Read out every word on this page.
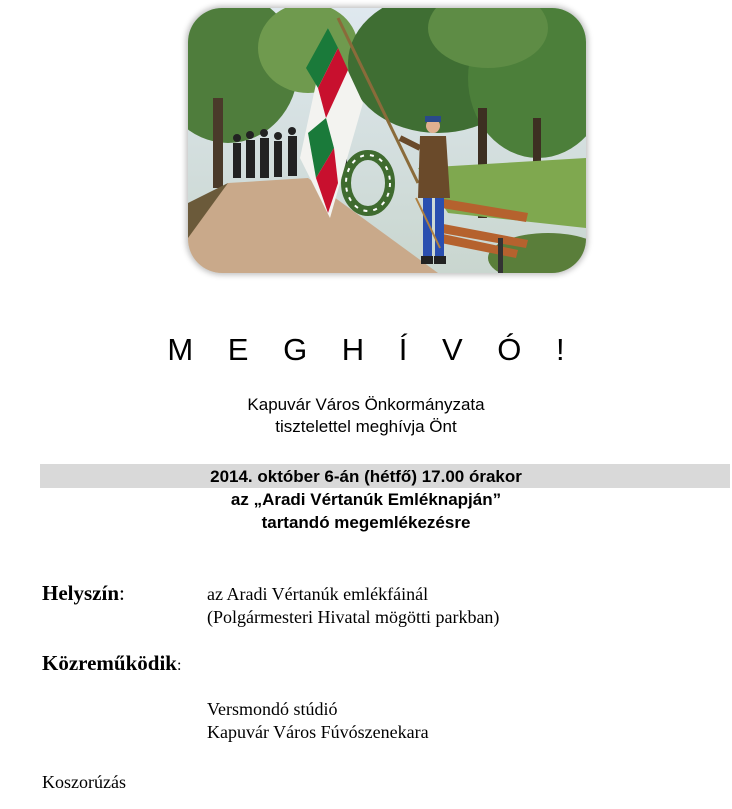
M E G H Í V Ó !
Kapuvár Város Önkormányzata
tisztelettel meghívja Önt
2014. október 6-án (hétfő) 17.00 órakor
az „Aradi Vértanúk Emléknapján”
tartandó megemlékezésre
Helyszín:	az Aradi Vértanúk emlékfáinál
(Polgármesteri Hivatal mögötti parkban)
Közreműködik:
Versmondó stúdió
Kapuvár Város Fúvószenekara
Koszorúzás
